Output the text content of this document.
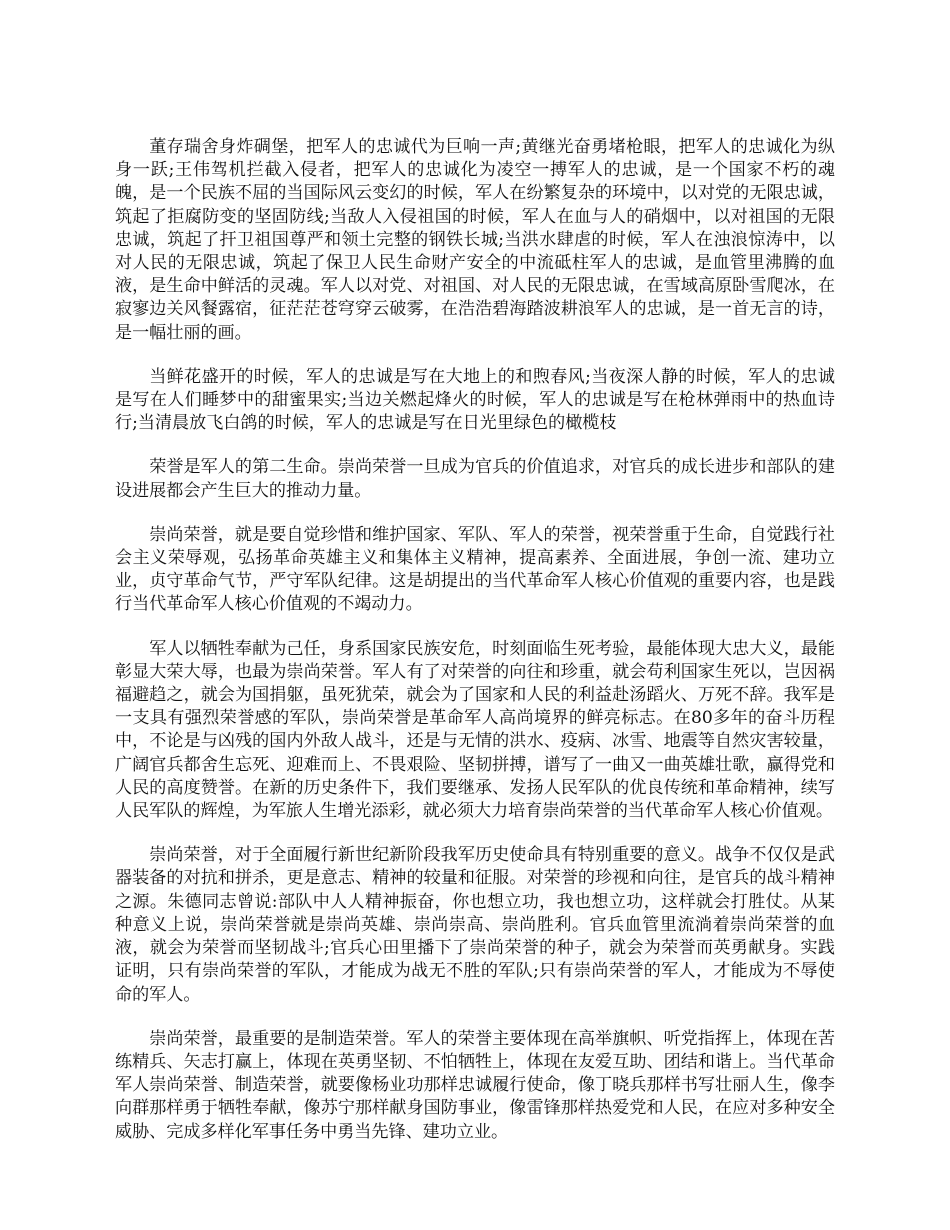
董存瑞舍身炸碉堡，把军人的忠诚代为巨响一声;黄继光奋勇堵枪眼，把军人的忠诚化为纵身一跃;王伟驾机拦截入侵者，把军人的忠诚化为凌空一搏军人的忠诚，是一个国家不朽的魂魄，是一个民族不屈的当国际风云变幻的时候，军人在纷繁复杂的环境中，以对党的无限忠诚，筑起了拒腐防变的坚固防线;当敌人入侵祖国的时候，军人在血与人的硝烟中，以对祖国的无限忠诚，筑起了扞卫祖国尊严和领土完整的钢铁长城;当洪水肆虐的时候，军人在浊浪惊涛中，以对人民的无限忠诚，筑起了保卫人民生命财产安全的中流砥柱军人的忠诚，是血管里沸腾的血液，是生命中鲜活的灵魂。军人以对党、对祖国、对人民的无限忠诚，在雪域高原卧雪爬冰，在寂寥边关风餐露宿，征茫茫苍穹穿云破雾，在浩浩碧海踏波耕浪军人的忠诚，是一首无言的诗，是一幅壮丽的画。

当鲜花盛开的时候，军人的忠诚是写在大地上的和煦春风;当夜深人静的时候，军人的忠诚是写在人们睡梦中的甜蜜果实;当边关燃起烽火的时候，军人的忠诚是写在枪林弹雨中的热血诗行;当清晨放飞白鸽的时候，军人的忠诚是写在日光里绿色的橄榄枝

荣誉是军人的第二生命。崇尚荣誉一旦成为官兵的价值追求，对官兵的成长进步和部队的建设进展都会产生巨大的推动力量。

崇尚荣誉，就是要自觉珍惜和维护国家、军队、军人的荣誉，视荣誉重于生命，自觉践行社会主义荣辱观，弘扬革命英雄主义和集体主义精神，提高素养、全面进展，争创一流、建功立业，贞守革命气节，严守军队纪律。这是胡提出的当代革命军人核心价值观的重要内容，也是践行当代革命军人核心价值观的不竭动力。

军人以牺牲奉献为己任，身系国家民族安危，时刻面临生死考验，最能体现大忠大义，最能彰显大荣大辱，也最为崇尚荣誉。军人有了对荣誉的向往和珍重，就会苟利国家生死以，岂因祸福避趋之，就会为国捐躯，虽死犹荣，就会为了国家和人民的利益赴汤蹈火、万死不辞。我军是一支具有强烈荣誉感的军队，崇尚荣誉是革命军人高尚境界的鲜亮标志。在80多年的奋斗历程中，不论是与凶残的国内外敌人战斗，还是与无情的洪水、疫病、冰雪、地震等自然灾害较量，广阔官兵都舍生忘死、迎难而上、不畏艰险、坚韧拼搏，谱写了一曲又一曲英雄壮歌，赢得党和人民的高度赞誉。在新的历史条件下，我们要继承、发扬人民军队的优良传统和革命精神，续写人民军队的辉煌，为军旅人生增光添彩，就必须大力培育崇尚荣誉的当代革命军人核心价值观。

崇尚荣誉，对于全面履行新世纪新阶段我军历史使命具有特别重要的意义。战争不仅仅是武器装备的对抗和拼杀，更是意志、精神的较量和征服。对荣誉的珍视和向往，是官兵的战斗精神之源。朱德同志曾说:部队中人人精神振奋，你也想立功，我也想立功，这样就会打胜仗。从某种意义上说，崇尚荣誉就是崇尚英雄、崇尚崇高、崇尚胜利。官兵血管里流淌着崇尚荣誉的血液，就会为荣誉而坚韧战斗;官兵心田里播下了崇尚荣誉的种子，就会为荣誉而英勇献身。实践证明，只有崇尚荣誉的军队，才能成为战无不胜的军队;只有崇尚荣誉的军人，才能成为不辱使命的军人。

崇尚荣誉，最重要的是制造荣誉。军人的荣誉主要体现在高举旗帜、听党指挥上，体现在苦练精兵、矢志打赢上，体现在英勇坚韧、不怕牺牲上，体现在友爱互助、团结和谐上。当代革命军人崇尚荣誉、制造荣誉，就要像杨业功那样忠诚履行使命，像丁晓兵那样书写壮丽人生，像李向群那样勇于牺牲奉献，像苏宁那样献身国防事业，像雷锋那样热爱党和人民，在应对多种安全威胁、完成多样化军事任务中勇当先锋、建功立业。
